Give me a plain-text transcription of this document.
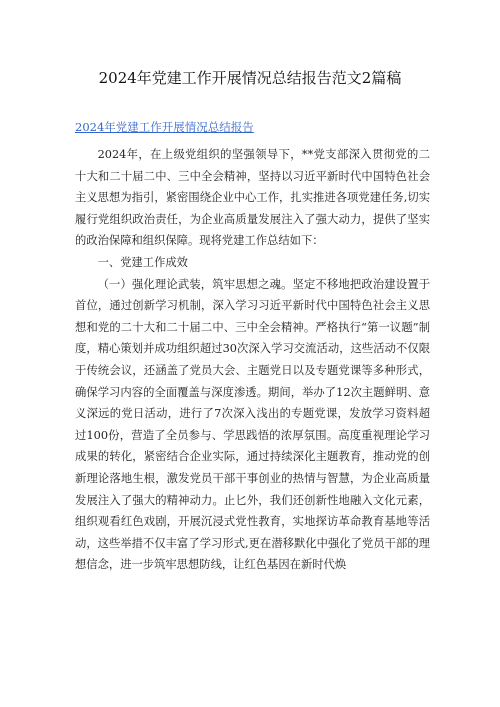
2024年党建工作开展情况总结报告范文2篇稿
2024年党建工作开展情况总结报告

2024年，在上级党组织的坚强领导下，**党支部深入贯彻党的二十大和二十届二中、三中全会精神，坚持以习近平新时代中国特色社会主义思想为指引，紧密围绕企业中心工作，扎实推进各项党建任务,切实履行党组织政治责任，为企业高质量发展注入了强大动力，提供了坚实的政治保障和组织保障。现将党建工作总结如下：

一、党建工作成效

（一）强化理论武装，筑牢思想之魂。坚定不移地把政治建设置于首位，通过创新学习机制，深入学习习近平新时代中国特色社会主义思想和党的二十大和二十届二中、三中全会精神。严格执行“第一议题”制度，精心策划并成功组织超过30次深入学习交流活动，这些活动不仅限于传统会议，还涵盖了党员大会、主题党日以及专题党课等多种形式，确保学习内容的全面覆盖与深度渗透。期间，举办了12次主题鲜明、意义深远的党日活动，进行了7次深入浅出的专题党课，发放学习资料超过100份，营造了全员参与、学思践悟的浓厚氛围。高度重视理论学习成果的转化，紧密结合企业实际，通过持续深化主题教育，推动党的创新理论落地生根，激发党员干部干事创业的热情与智慧，为企业高质量发展注入了强大的精神动力。止匕外，我们还创新性地融入文化元素，组织观看红色戏剧，开展沉浸式党性教育，实地探访革命教育基地等活动，这些举措不仅丰富了学习形式,更在潜移默化中强化了党员干部的理想信念，进一步筑牢思想防线，让红色基因在新时代焕
